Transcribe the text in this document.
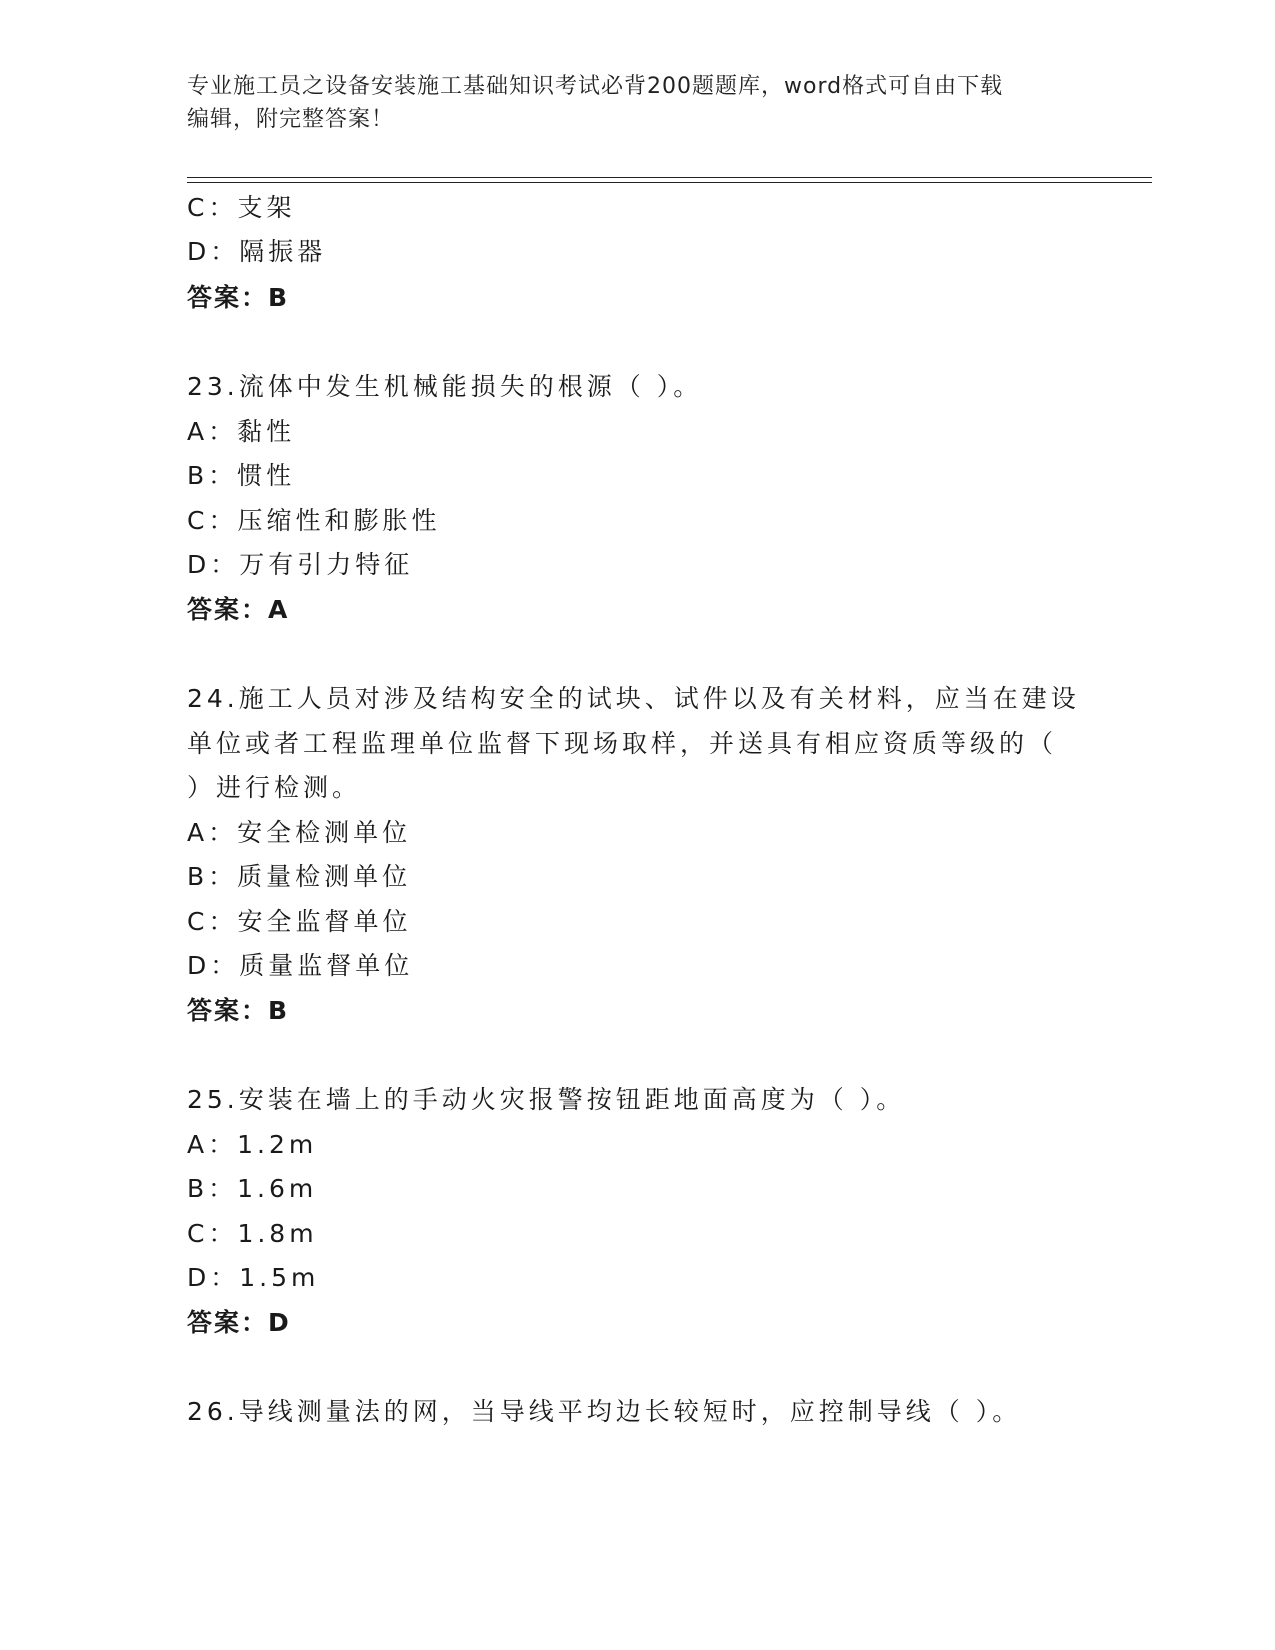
专业施工员之设备安装施工基础知识考试必背200题题库，word格式可自由下载
编辑，附完整答案！
C：支架
D：隔振器
答案：B
23.流体中发生机械能损失的根源（ ）。
A：黏性
B：惯性
C：压缩性和膨胀性
D：万有引力特征
答案：A
24.施工人员对涉及结构安全的试块、试件以及有关材料，应当在建设
单位或者工程监理单位监督下现场取样，并送具有相应资质等级的（
）进行检测。
A：安全检测单位
B：质量检测单位
C：安全监督单位
D：质量监督单位
答案：B
25.安装在墙上的手动火灾报警按钮距地面高度为（ ）。
A：1.2m
B：1.6m
C：1.8m
D：1.5m
答案：D
26.导线测量法的网，当导线平均边长较短时，应控制导线（ ）。
